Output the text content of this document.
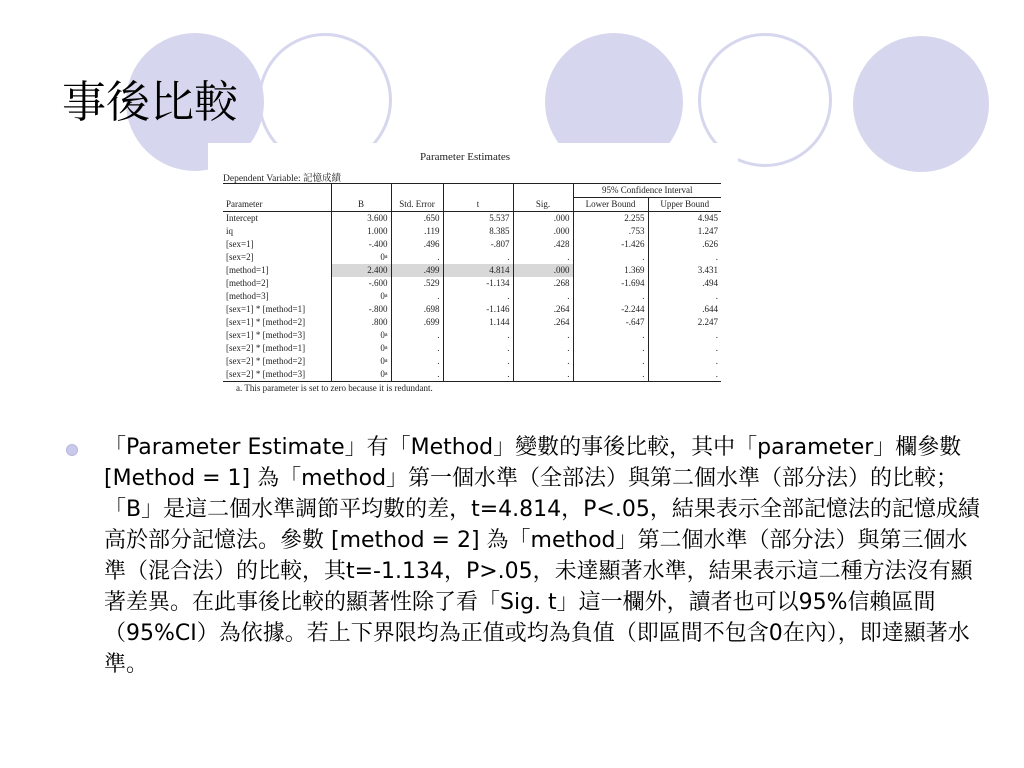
事後比較
Parameter Estimates
Dependent Variable: 記憶成績
					95% Confidence Interval	
Parameter	B	Std. Error	t	Sig.	Lower Bound	Upper Bound
Intercept	3.600	.650	5.537	.000	2.255	4.945
iq	1.000	.119	8.385	.000	.753	1.247
[sex=1]	-.400	.496	-.807	.428	-1.426	.626
[sex=2]	0$^a$	.	.	.	.	.
[method=1]	2.400	.499	4.814	.000	1.369	3.431
[method=2]	-.600	.529	-1.134	.268	-1.694	.494
[method=3]	0$^a$	.	.	.	.	.
[sex=1] * [method=1]	-.800	.698	-1.146	.264	-2.244	.644
[sex=1] * [method=2]	.800	.699	1.144	.264	-.647	2.247
[sex=1] * [method=3]	0$^a$	.	.	.	.	.
[sex=2] * [method=1]	0$^a$	.	.	.	.	.
[sex=2] * [method=2]	0$^a$	.	.	.	.	.
[sex=2] * [method=3]	0$^a$	.	.	.	.	.
a. This parameter is set to zero because it is redundant.

「Parameter Estimate」有「Method」變數的事後比較，其中「parameter」欄參數 [Method = 1] 為「method」第一個水準（全部法）與第二個水準（部分法）的比較；「B」是這二個水準調節平均數的差，t=4.814，P<.05，結果表示全部記憶法的記憶成績高於部分記憶法。參數 [method = 2] 為「method」第二個水準（部分法）與第三個水準（混合法）的比較，其t=-1.134，P>.05，未達顯著水準，結果表示這二種方法沒有顯著差異。在此事後比較的顯著性除了看「Sig. t」這一欄外，讀者也可以95%信賴區間（95%CI）為依據。若上下界限均為正值或均為負值（即區間不包含0在內），即達顯著水準。
